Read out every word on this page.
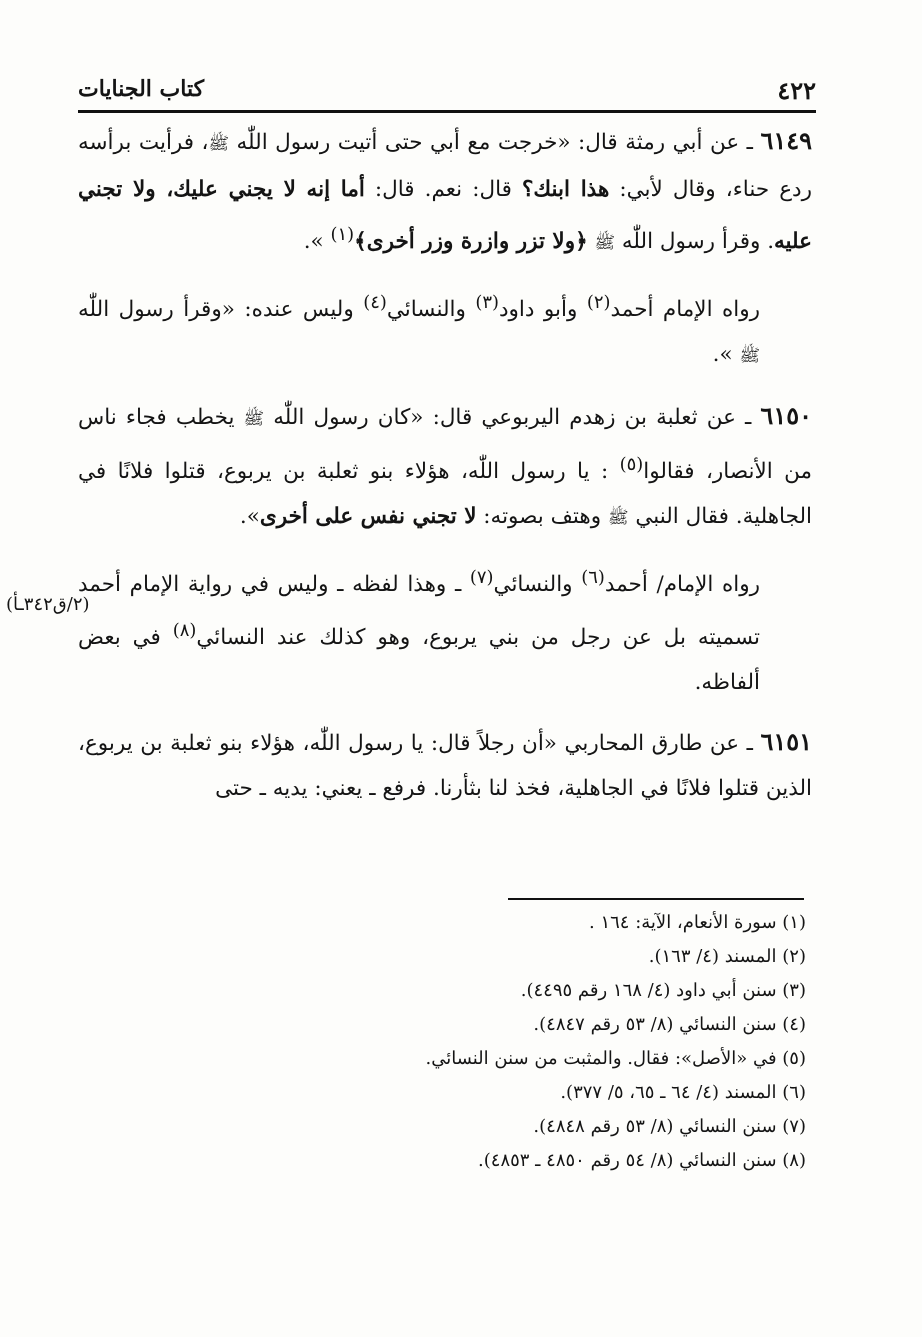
٤٢٢
كتاب الجنايات
(٢/ق٣٤٢ـأ)

٦١٤٩ ـ عن أبي رمثة قال: «خرجت مع أبي حتى أتيت رسول اللّٰه ﷺ، فرأيت برأسه ردع حناء، وقال لأبي: هذا ابنك؟ قال: نعم. قال: أما إنه لا يجني عليك، ولا تجني عليه. وقرأ رسول اللّٰه ﷺ ﴿ولا تزر وازرة وزر أخرى﴾$^{(١)}$ ».

رواه الإمام أحمد$^{(٢)}$ وأبو داود$^{(٣)}$ والنسائي$^{(٤)}$ وليس عنده: «وقرأ رسول اللّٰه ﷺ ».

٦١٥٠ ـ عن ثعلبة بن زهدم اليربوعي قال: «كان رسول اللّٰه ﷺ يخطب فجاء ناس من الأنصار، فقالوا$^{(٥)}$ : يا رسول اللّٰه، هؤلاء بنو ثعلبة بن يربوع، قتلوا فلانًا في الجاهلية. فقال النبي ﷺ وهتف بصوته: لا تجني نفس على أخرى».

رواه الإمام/ أحمد$^{(٦)}$ والنسائي$^{(٧)}$ ـ وهذا لفظه ـ وليس في رواية الإمام أحمد تسميته بل عن رجل من بني يربوع، وهو كذلك عند النسائي$^{(٨)}$ في بعض ألفاظه.

٦١٥١ ـ عن طارق المحاربي «أن رجلاً قال: يا رسول اللّٰه، هؤلاء بنو ثعلبة بن يربوع، الذين قتلوا فلانًا في الجاهلية، فخذ لنا بثأرنا. فرفع ـ يعني: يديه ـ حتى

(١) سورة الأنعام، الآية: ١٦٤ .
(٢) المسند (٤/ ١٦٣).
(٣) سنن أبي داود (٤/ ١٦٨ رقم ٤٤٩٥).
(٤) سنن النسائي (٨/ ٥٣ رقم ٤٨٤٧).
(٥) في «الأصل»: فقال. والمثبت من سنن النسائي.
(٦) المسند (٤/ ٦٤ ـ ٦٥، ٥/ ٣٧٧).
(٧) سنن النسائي (٨/ ٥٣ رقم ٤٨٤٨).
(٨) سنن النسائي (٨/ ٥٤ رقم ٤٨٥٠ ـ ٤٨٥٣).
